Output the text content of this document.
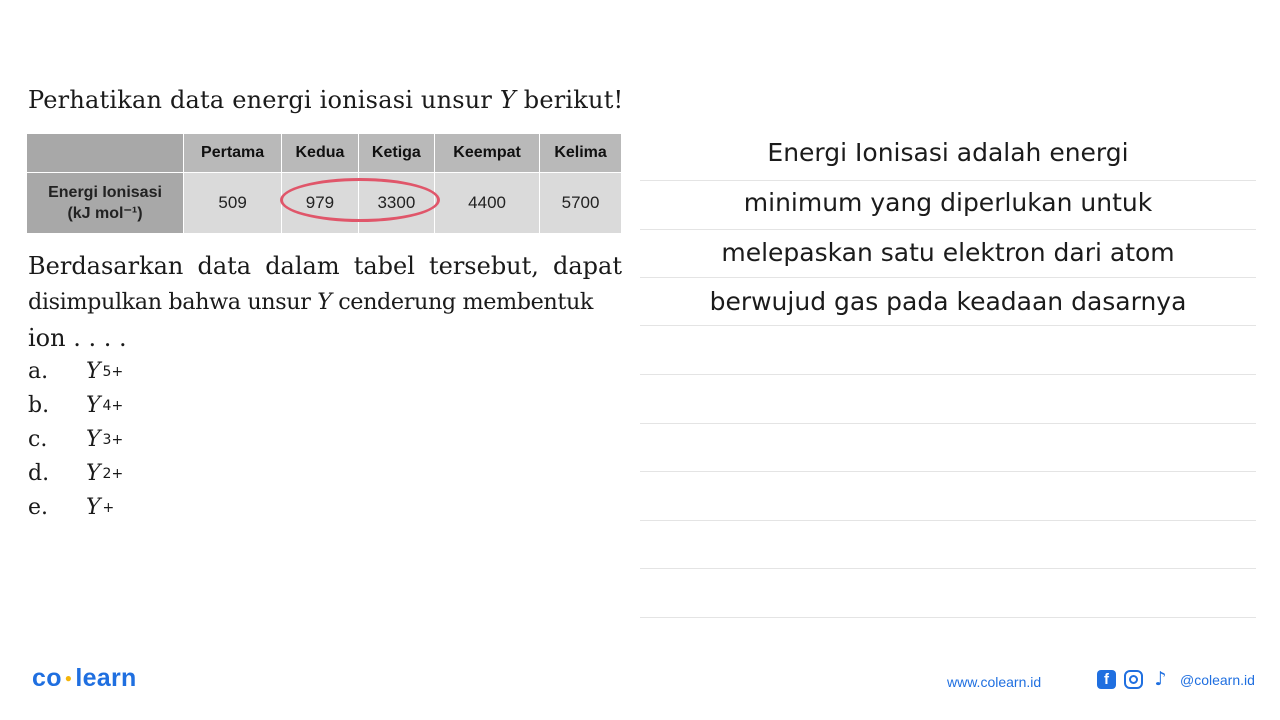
Perhatikan data energi ionisasi unsur Y berikut!
	Pertama	Kedua	Ketiga	Keempat	Kelima
Energi Ionisasi
(kJ mol⁻¹)	509	979	3300	4400	5700
Berdasarkan data dalam tabel tersebut, dapat
disimpulkan bahwa unsur Y cenderung membentuk
ion . . . .
a.	Y 5+
b.	Y 4+
c.	Y 3+
d.	Y 2+
e.	Y +
Energi Ionisasi adalah energi
minimum yang diperlukan untuk
melepaskan satu elektron dari atom
berwujud gas pada keadaan dasarnya
co ● learn	www.colearn.id	f	♪ @colearn.id
